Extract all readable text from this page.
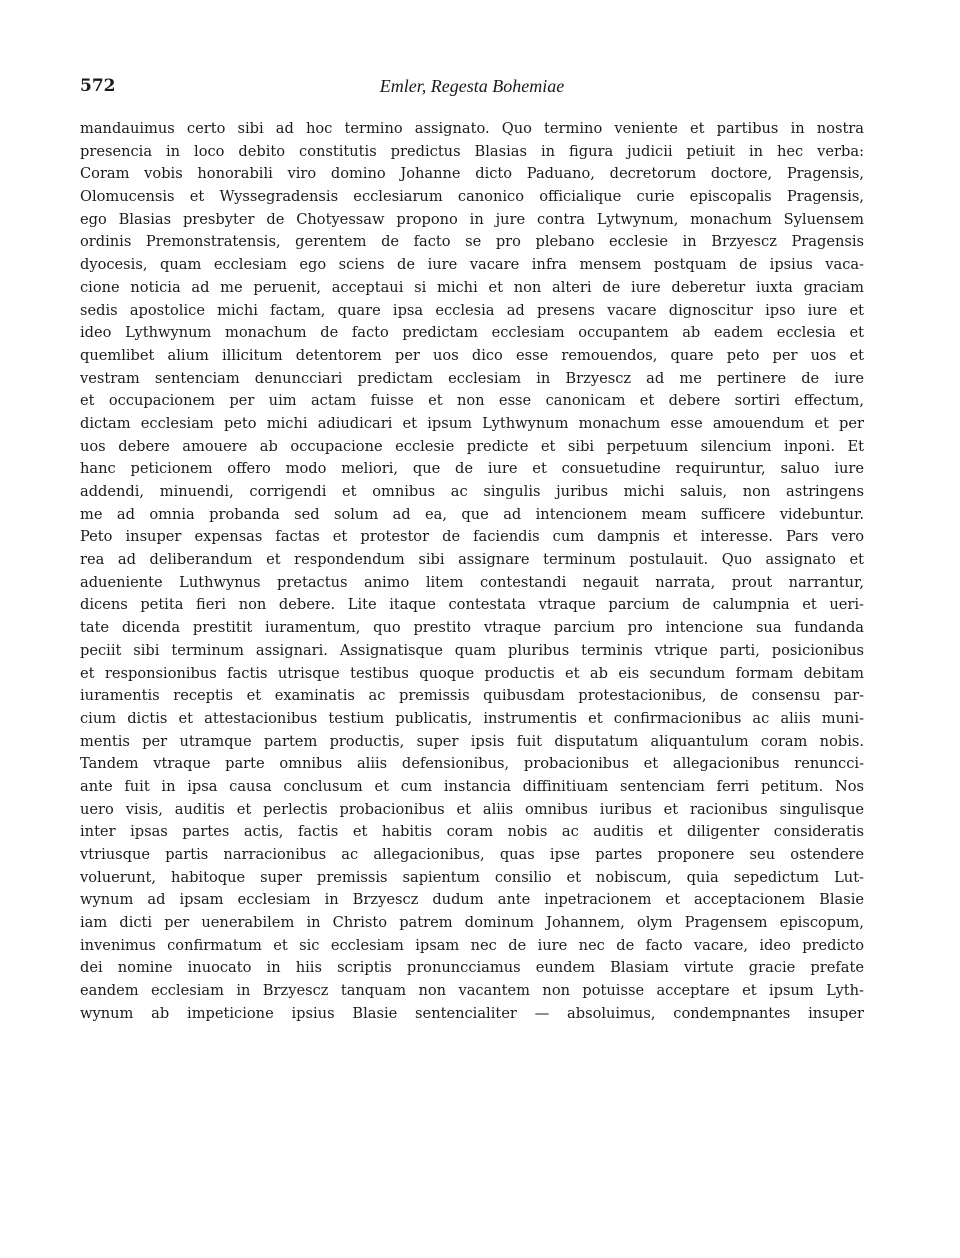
572	Emler, Regesta Bohemiae
mandauimus certo sibi ad hoc termino assignato. Quo termino veniente et partibus in nostra
presencia in loco debito constitutis predictus Blasias in figura judicii petiuit in hec verba:
Coram vobis honorabili viro domino Johanne dicto Paduano, decretorum doctore, Pragensis,
Olomucensis et Wyssegradensis ecclesiarum canonico officialique curie episcopalis Pragensis,
ego Blasias presbyter de Chotyessaw propono in jure contra Lytwynum, monachum Syluensem
ordinis Premonstratensis, gerentem de facto se pro plebano ecclesie in Brzyescz Pragensis
dyocesis, quam ecclesiam ego sciens de iure vacare infra mensem postquam de ipsius vaca-
cione noticia ad me peruenit, acceptaui si michi et non alteri de iure deberetur iuxta graciam
sedis apostolice michi factam, quare ipsa ecclesia ad presens vacare dignoscitur ipso iure et
ideo Lythwynum monachum de facto predictam ecclesiam occupantem ab eadem ecclesia et
quemlibet alium illicitum detentorem per uos dico esse remouendos, quare peto per uos et
vestram sentenciam denuncciari predictam ecclesiam in Brzyescz ad me pertinere de iure
et occupacionem per uim actam fuisse et non esse canonicam et debere sortiri effectum,
dictam ecclesiam peto michi adiudicari et ipsum Lythwynum monachum esse amouendum et per
uos debere amouere ab occupacione ecclesie predicte et sibi perpetuum silencium inponi. Et
hanc peticionem offero modo meliori, que de iure et consuetudine requiruntur, saluo iure
addendi, minuendi, corrigendi et omnibus ac singulis juribus michi saluis, non astringens
me ad omnia probanda sed solum ad ea, que ad intencionem meam sufficere videbuntur.
Peto insuper expensas factas et protestor de faciendis cum dampnis et interesse. Pars vero
rea ad deliberandum et respondendum sibi assignare terminum postulauit. Quo assignato et
adueniente Luthwynus pretactus animo litem contestandi negauit narrata, prout narrantur,
dicens petita fieri non debere. Lite itaque contestata vtraque parcium de calumpnia et ueri-
tate dicenda prestitit iuramentum, quo prestito vtraque parcium pro intencione sua fundanda
peciit sibi terminum assignari. Assignatisque quam pluribus terminis vtrique parti, posicionibus
et responsionibus factis utrisque testibus quoque productis et ab eis secundum formam debitam
iuramentis receptis et examinatis ac premissis quibusdam protestacionibus, de consensu par-
cium dictis et attestacionibus testium publicatis, instrumentis et confirmacionibus ac aliis muni-
mentis per utramque partem productis, super ipsis fuit disputatum aliquantulum coram nobis.
Tandem vtraque parte omnibus aliis defensionibus, probacionibus et allegacionibus renuncci-
ante fuit in ipsa causa conclusum et cum instancia diffinitiuam sentenciam ferri petitum. Nos
uero visis, auditis et perlectis probacionibus et aliis omnibus iuribus et racionibus singulisque
inter ipsas partes actis, factis et habitis coram nobis ac auditis et diligenter consideratis
vtriusque partis narracionibus ac allegacionibus, quas ipse partes proponere seu ostendere
voluerunt, habitoque super premissis sapientum consilio et nobiscum, quia sepedictum Lut-
wynum ad ipsam ecclesiam in Brzyescz dudum ante inpetracionem et acceptacionem Blasie
iam dicti per uenerabilem in Christo patrem dominum Johannem, olym Pragensem episcopum,
invenimus confirmatum et sic ecclesiam ipsam nec de iure nec de facto vacare, ideo predicto
dei nomine inuocato in hiis scriptis pronuncciamus eundem Blasiam virtute gracie prefate
eandem ecclesiam in Brzyescz tanquam non vacantem non potuisse acceptare et ipsum Lyth-
wynum ab impeticione ipsius Blasie sentencialiter — absoluimus, condempnantes insuper
